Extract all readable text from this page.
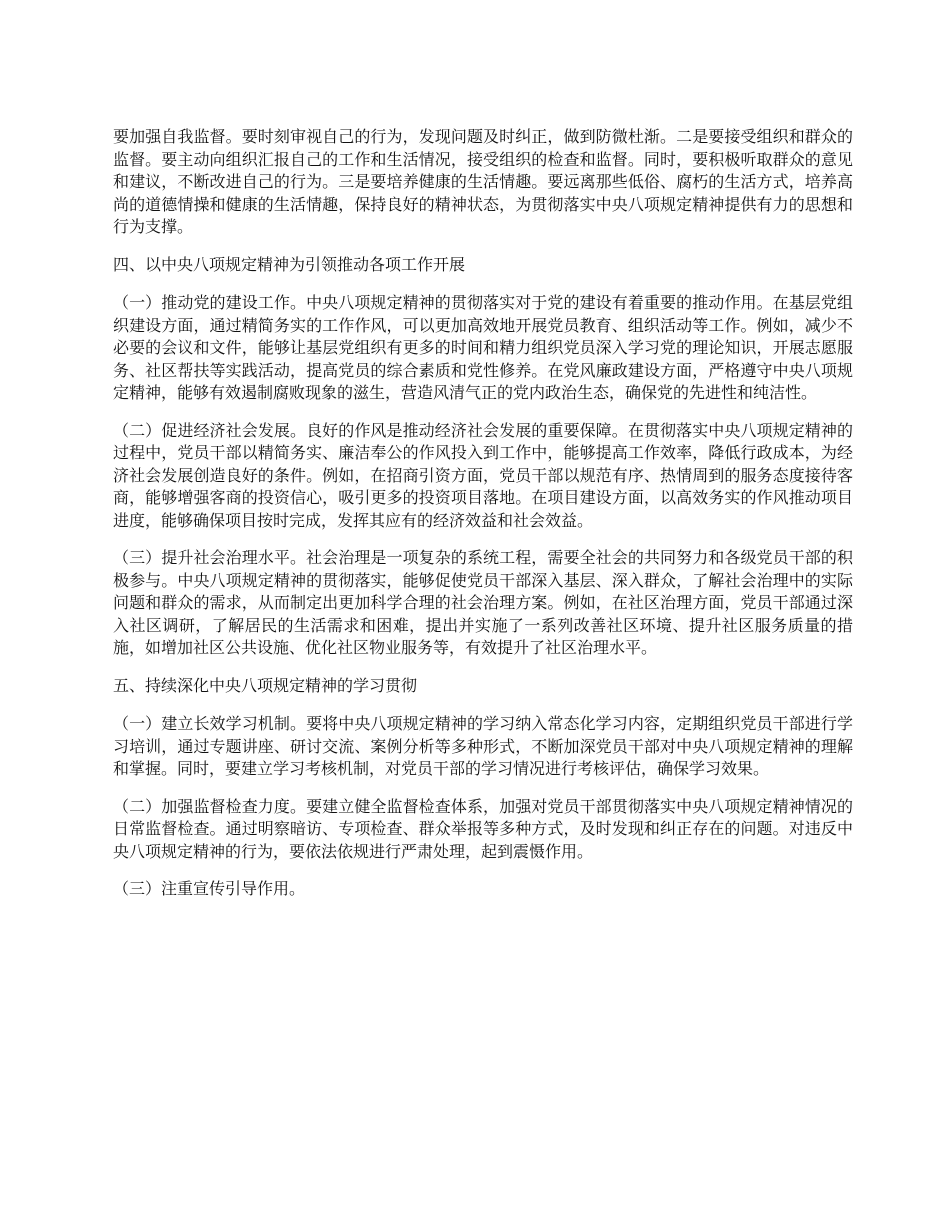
要加强自我监督。要时刻审视自己的行为，发现问题及时纠正，做到防微杜渐。二是要接受组织和群众的监督。要主动向组织汇报自己的工作和生活情况，接受组织的检查和监督。同时，要积极听取群众的意见和建议，不断改进自己的行为。三是要培养健康的生活情趣。要远离那些低俗、腐朽的生活方式，培养高尚的道德情操和健康的生活情趣，保持良好的精神状态，为贯彻落实中央八项规定精神提供有力的思想和行为支撑。

四、以中央八项规定精神为引领推动各项工作开展

（一）推动党的建设工作。中央八项规定精神的贯彻落实对于党的建设有着重要的推动作用。在基层党组织建设方面，通过精简务实的工作作风，可以更加高效地开展党员教育、组织活动等工作。例如，减少不必要的会议和文件，能够让基层党组织有更多的时间和精力组织党员深入学习党的理论知识，开展志愿服务、社区帮扶等实践活动，提高党员的综合素质和党性修养。在党风廉政建设方面，严格遵守中央八项规定精神，能够有效遏制腐败现象的滋生，营造风清气正的党内政治生态，确保党的先进性和纯洁性。

（二）促进经济社会发展。良好的作风是推动经济社会发展的重要保障。在贯彻落实中央八项规定精神的过程中，党员干部以精简务实、廉洁奉公的作风投入到工作中，能够提高工作效率，降低行政成本，为经济社会发展创造良好的条件。例如，在招商引资方面，党员干部以规范有序、热情周到的服务态度接待客商，能够增强客商的投资信心，吸引更多的投资项目落地。在项目建设方面，以高效务实的作风推动项目进度，能够确保项目按时完成，发挥其应有的经济效益和社会效益。

（三）提升社会治理水平。社会治理是一项复杂的系统工程，需要全社会的共同努力和各级党员干部的积极参与。中央八项规定精神的贯彻落实，能够促使党员干部深入基层、深入群众，了解社会治理中的实际问题和群众的需求，从而制定出更加科学合理的社会治理方案。例如，在社区治理方面，党员干部通过深入社区调研，了解居民的生活需求和困难，提出并实施了一系列改善社区环境、提升社区服务质量的措施，如增加社区公共设施、优化社区物业服务等，有效提升了社区治理水平。

五、持续深化中央八项规定精神的学习贯彻

（一）建立长效学习机制。要将中央八项规定精神的学习纳入常态化学习内容，定期组织党员干部进行学习培训，通过专题讲座、研讨交流、案例分析等多种形式，不断加深党员干部对中央八项规定精神的理解和掌握。同时，要建立学习考核机制，对党员干部的学习情况进行考核评估，确保学习效果。

（二）加强监督检查力度。要建立健全监督检查体系，加强对党员干部贯彻落实中央八项规定精神情况的日常监督检查。通过明察暗访、专项检查、群众举报等多种方式，及时发现和纠正存在的问题。对违反中央八项规定精神的行为，要依法依规进行严肃处理，起到震慑作用。

（三）注重宣传引导作用。
